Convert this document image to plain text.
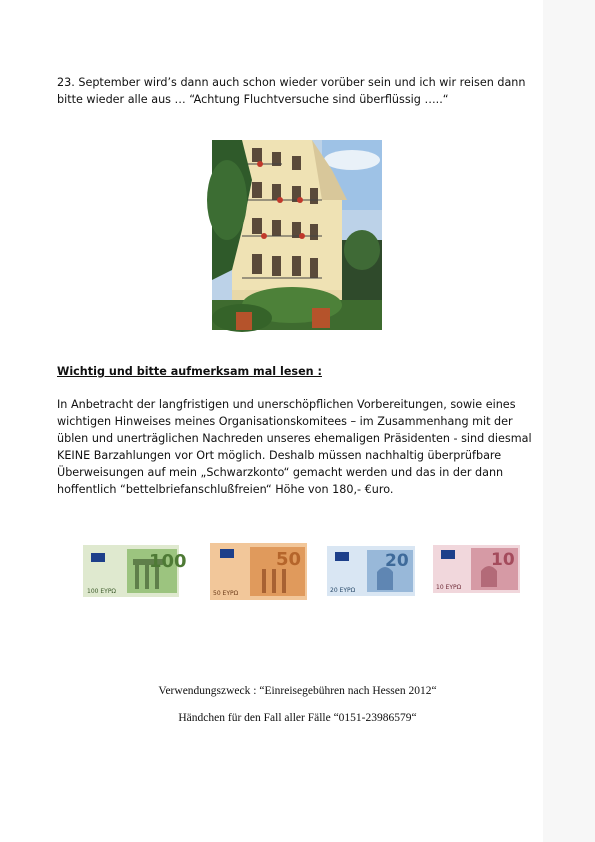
23. September wird’s dann auch schon wieder vorüber sein und ich wir reisen dann bitte wieder alle aus … “Achtung Fluchtversuche sind überflüssig …..“

Wichtig und bitte aufmerksam mal lesen :

In Anbetracht der langfristigen und unerschöpflichen Vorbereitungen, sowie eines wichtigen Hinweises meines Organisationskomitees – im Zusammenhang mit der üblen und unerträglichen Nachreden unseres ehemaligen Präsidenten - sind diesmal KEINE Barzahlungen vor Ort möglich. Deshalb müssen nachhaltig überprüfbare Überweisungen auf mein „Schwarzkonto“ gemacht werden und das in der dann hoffentlich “bettelbriefanschlußfreien“ Höhe von 180,- €uro.

100
100 EYPΩ
50
50 EYPΩ
20
20 EYPΩ
10
10 EYPΩ
Verwendungszweck : “Einreisegebühren nach Hessen 2012“
Händchen für den Fall aller Fälle “0151-23986579“
